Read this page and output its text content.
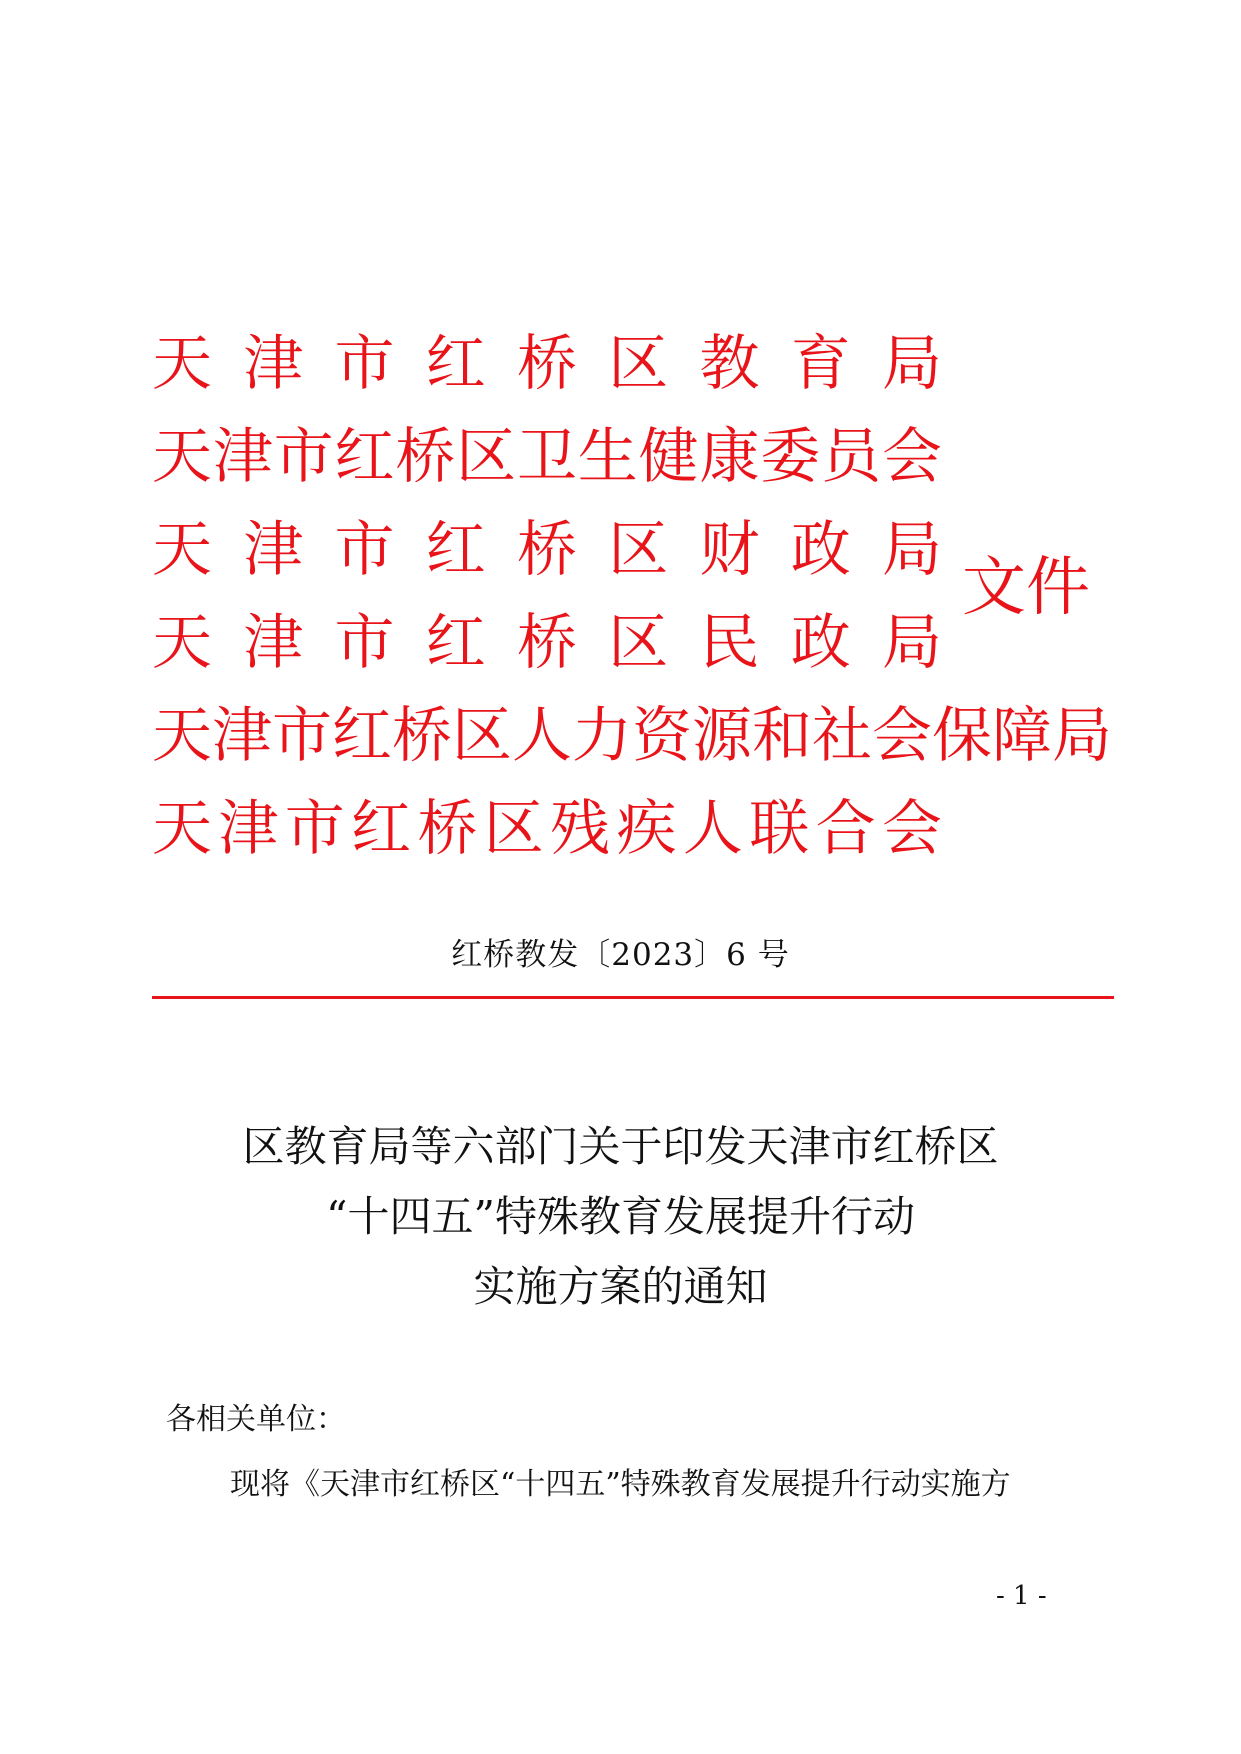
天 津 市 红 桥 区 教 育 局
天 津 市 红 桥 区 卫 生 健 康 委 员 会
天 津 市 红 桥 区 财 政 局
天 津 市 红 桥 区 民 政 局
天 津 市 红 桥 区 人 力 资 源 和 社 会 保 障 局
天 津 市 红 桥 区 残 疾 人 联 合 会
文件
红桥教发〔2023〕6 号
区教育局等六部门关于印发天津市红桥区
“十四五”特殊教育发展提升行动
实施方案的通知
各相关单位：
现将《天津市红桥区“十四五”特殊教育发展提升行动实施方
- 1 -
